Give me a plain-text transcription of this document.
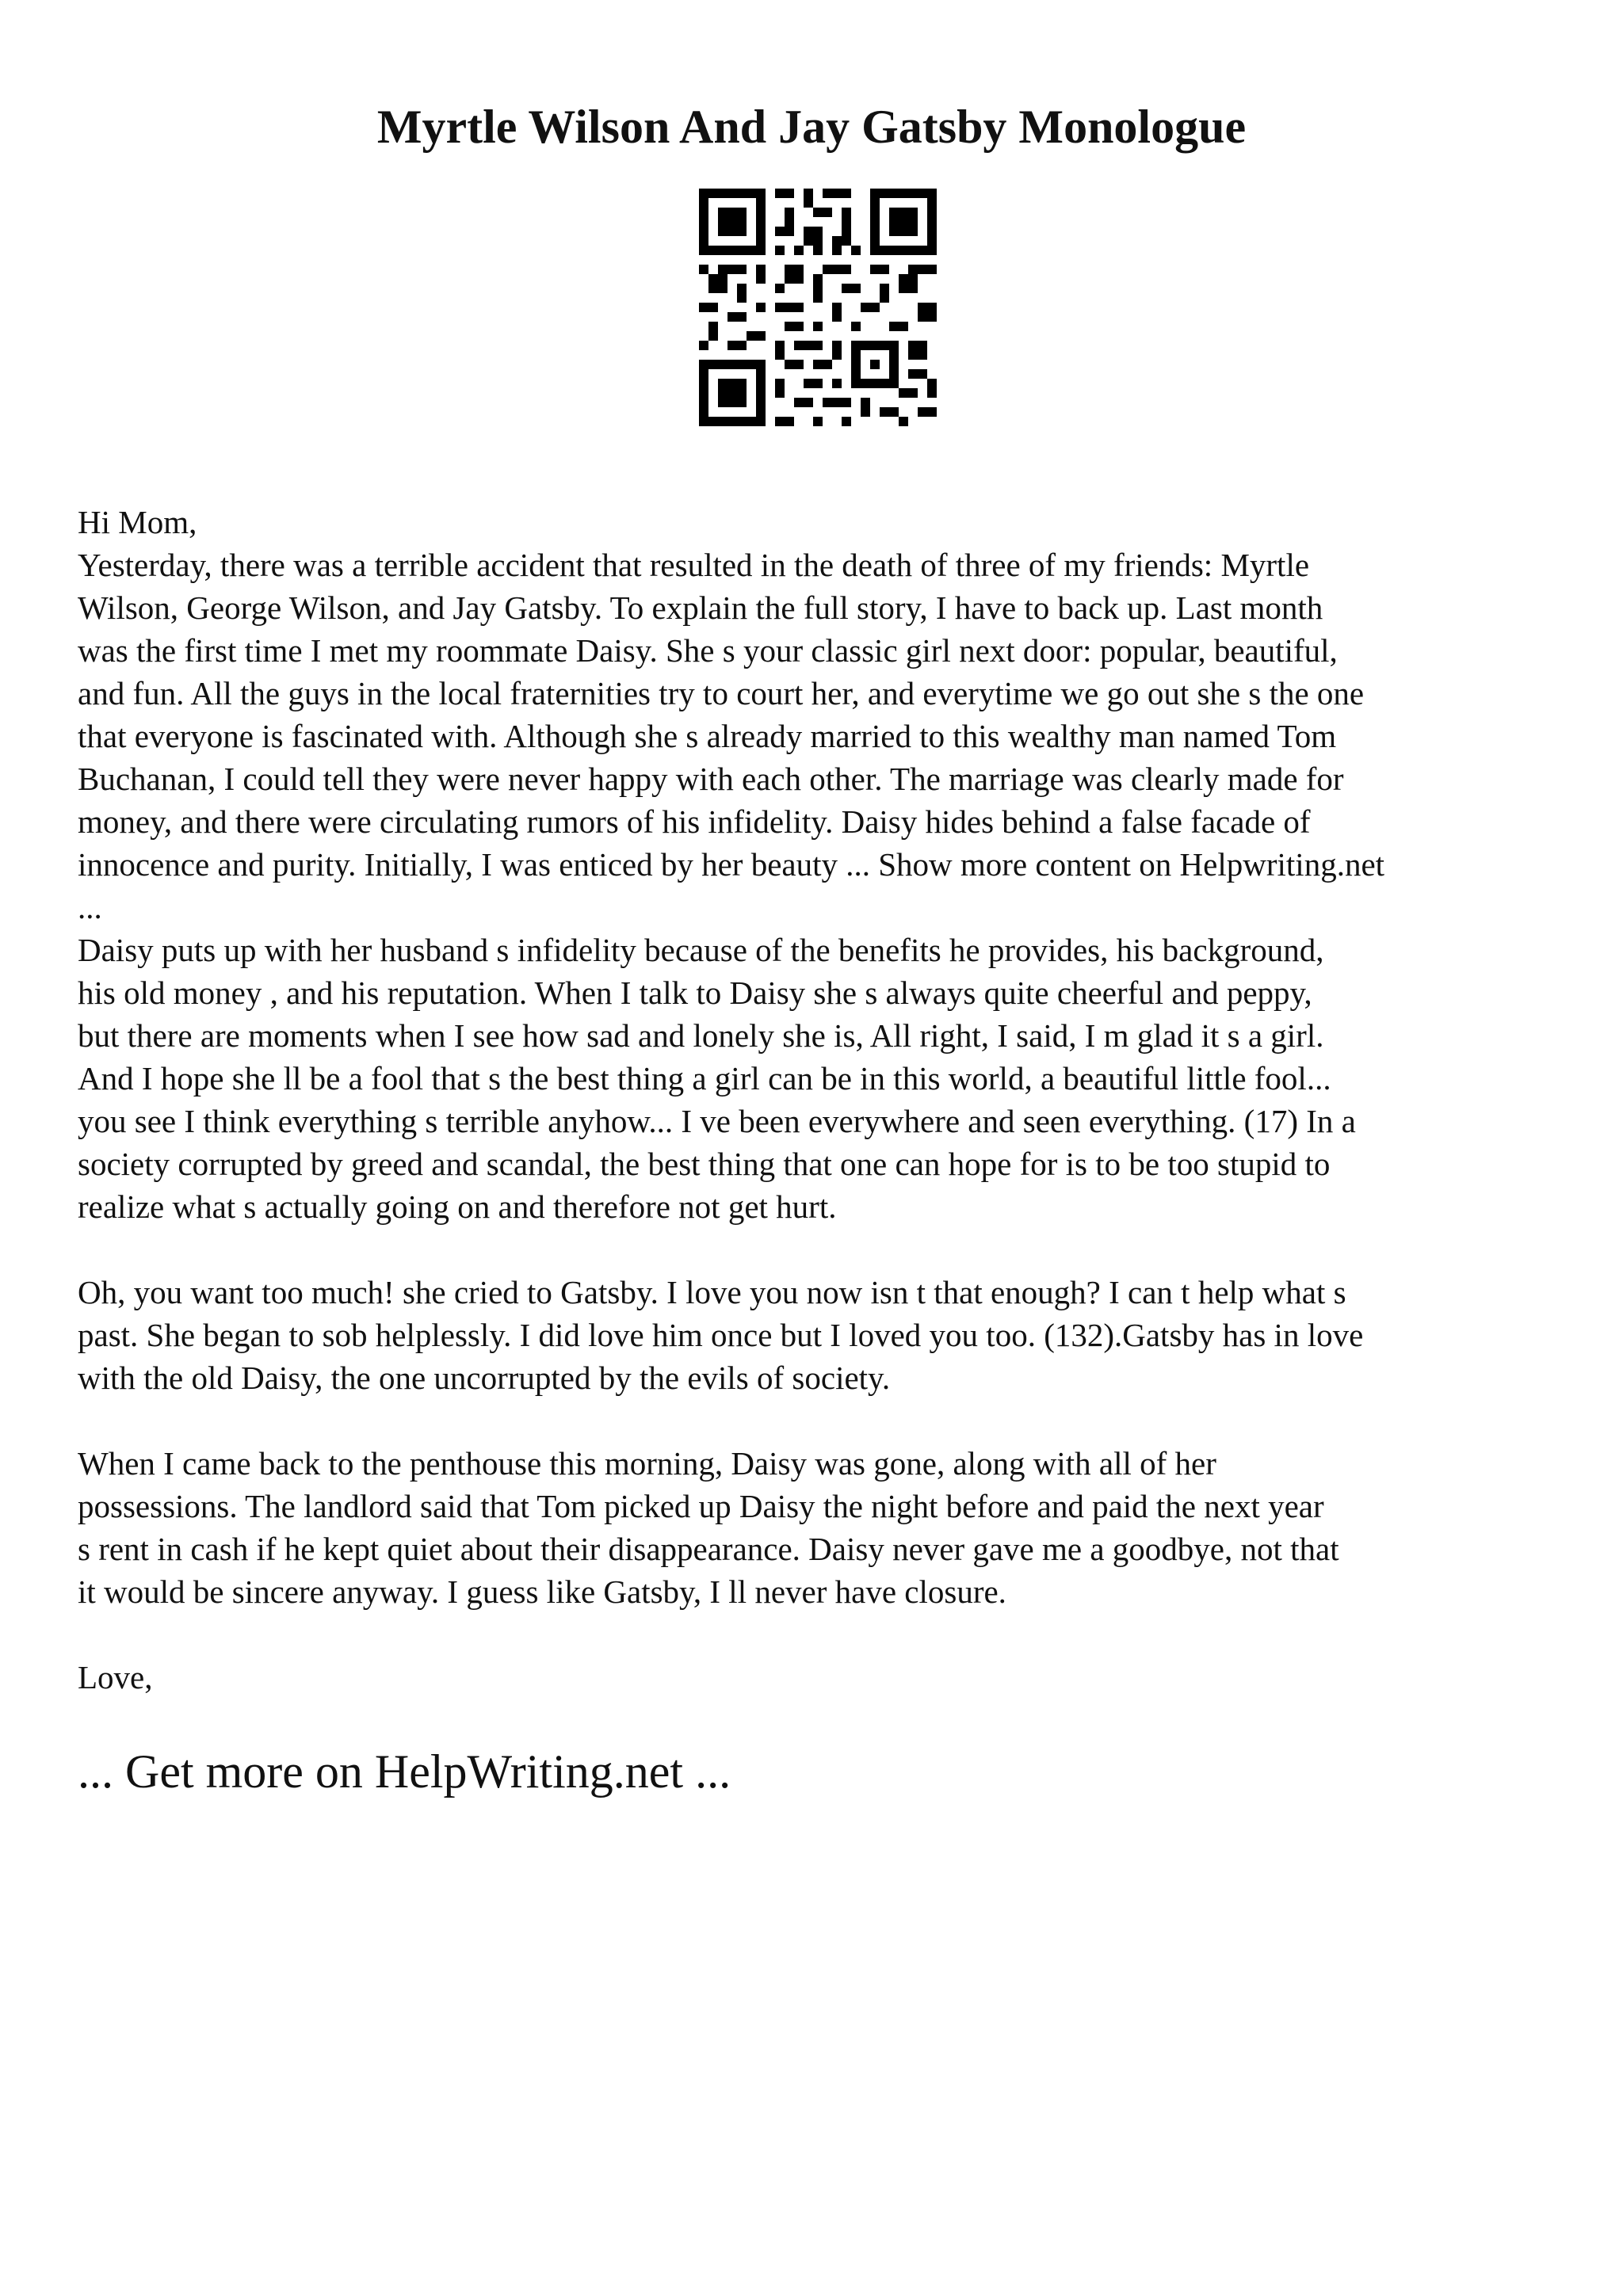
Myrtle Wilson And Jay Gatsby Monologue

Hi Mom,

Yesterday, there was a terrible accident that resulted in the death of three of my friends: Myrtle

Wilson, George Wilson, and Jay Gatsby. To explain the full story, I have to back up. Last month

was the first time I met my roommate Daisy. She s your classic girl next door: popular, beautiful,

and fun. All the guys in the local fraternities try to court her, and everytime we go out she s the one

that everyone is fascinated with. Although she s already married to this wealthy man named Tom

Buchanan, I could tell they were never happy with each other. The marriage was clearly made for

money, and there were circulating rumors of his infidelity. Daisy hides behind a false facade of

innocence and purity. Initially, I was enticed by her beauty ... Show more content on Helpwriting.net

...

Daisy puts up with her husband s infidelity because of the benefits he provides, his background,

his old money , and his reputation. When I talk to Daisy she s always quite cheerful and peppy,

but there are moments when I see how sad and lonely she is, All right, I said, I m glad it s a girl.

And I hope she ll be a fool that s the best thing a girl can be in this world, a beautiful little fool...

you see I think everything s terrible anyhow... I ve been everywhere and seen everything. (17) In a

society corrupted by greed and scandal, the best thing that one can hope for is to be too stupid to

realize what s actually going on and therefore not get hurt.

Oh, you want too much! she cried to Gatsby. I love you now isn t that enough? I can t help what s

past. She began to sob helplessly. I did love him once but I loved you too. (132).Gatsby has in love

with the old Daisy, the one uncorrupted by the evils of society.

When I came back to the penthouse this morning, Daisy was gone, along with all of her

possessions. The landlord said that Tom picked up Daisy the night before and paid the next year

s rent in cash if he kept quiet about their disappearance. Daisy never gave me a goodbye, not that

it would be sincere anyway. I guess like Gatsby, I ll never have closure.

Love,

... Get more on HelpWriting.net ...
